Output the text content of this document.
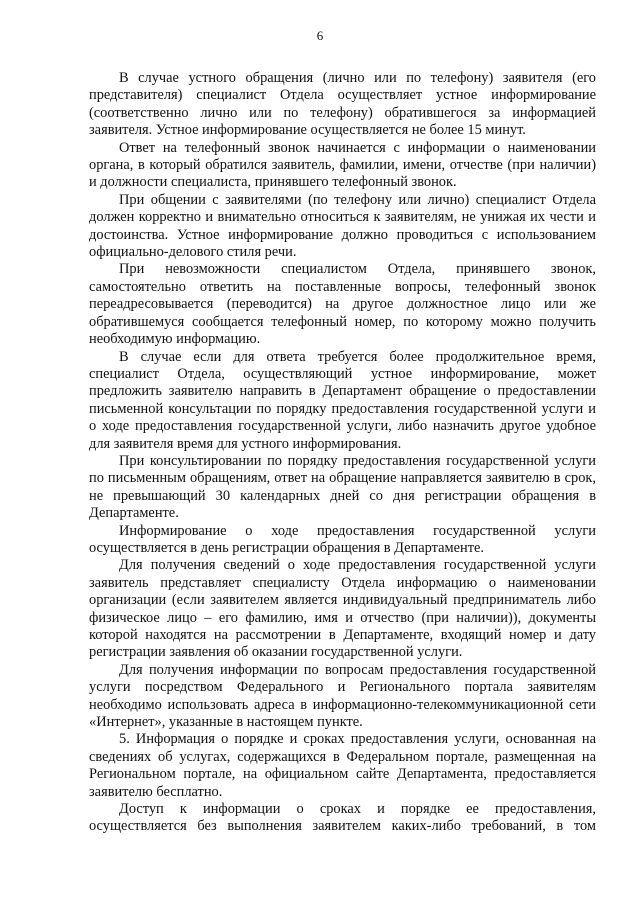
6

В случае устного обращения (лично или по телефону) заявителя (его представителя) специалист Отдела осуществляет устное информирование (соответственно лично или по телефону) обратившегося за информацией заявителя. Устное информирование осуществляется не более 15 минут.

Ответ на телефонный звонок начинается с информации о наименовании органа, в который обратился заявитель, фамилии, имени, отчестве (при наличии) и должности специалиста, принявшего телефонный звонок.

При общении с заявителями (по телефону или лично) специалист Отдела должен корректно и внимательно относиться к заявителям, не унижая их чести и достоинства. Устное информирование должно проводиться с использованием официально-делового стиля речи.

При невозможности специалистом Отдела, принявшего звонок, самостоятельно ответить на поставленные вопросы, телефонный звонок переадресовывается (переводится) на другое должностное лицо или же обратившемуся сообщается телефонный номер, по которому можно получить необходимую информацию.

В случае если для ответа требуется более продолжительное время, специалист Отдела, осуществляющий устное информирование, может предложить заявителю направить в Департамент обращение о предоставлении письменной консультации по порядку предоставления государственной услуги и о ходе предоставления государственной услуги, либо назначить другое удобное для заявителя время для устного информирования.

При консультировании по порядку предоставления государственной услуги по письменным обращениям, ответ на обращение направляется заявителю в срок, не превышающий 30 календарных дней со дня регистрации обращения в Департаменте.

Информирование о ходе предоставления государственной услуги осуществляется в день регистрации обращения в Департаменте.

Для получения сведений о ходе предоставления государственной услуги заявитель представляет специалисту Отдела информацию о наименовании организации (если заявителем является индивидуальный предприниматель либо физическое лицо – его фамилию, имя и отчество (при наличии)), документы которой находятся на рассмотрении в Департаменте, входящий номер и дату регистрации заявления об оказании государственной услуги.

Для получения информации по вопросам предоставления государственной услуги посредством Федерального и Регионального портала заявителям необходимо использовать адреса в информационно-телекоммуникационной сети «Интернет», указанные в настоящем пункте.

5. Информация о порядке и сроках предоставления услуги, основанная на сведениях об услугах, содержащихся в Федеральном портале, размещенная на Региональном портале, на официальном сайте Департамента, предоставляется заявителю бесплатно.

Доступ к информации о сроках и порядке ее предоставления, осуществляется без выполнения заявителем каких-либо требований, в том
